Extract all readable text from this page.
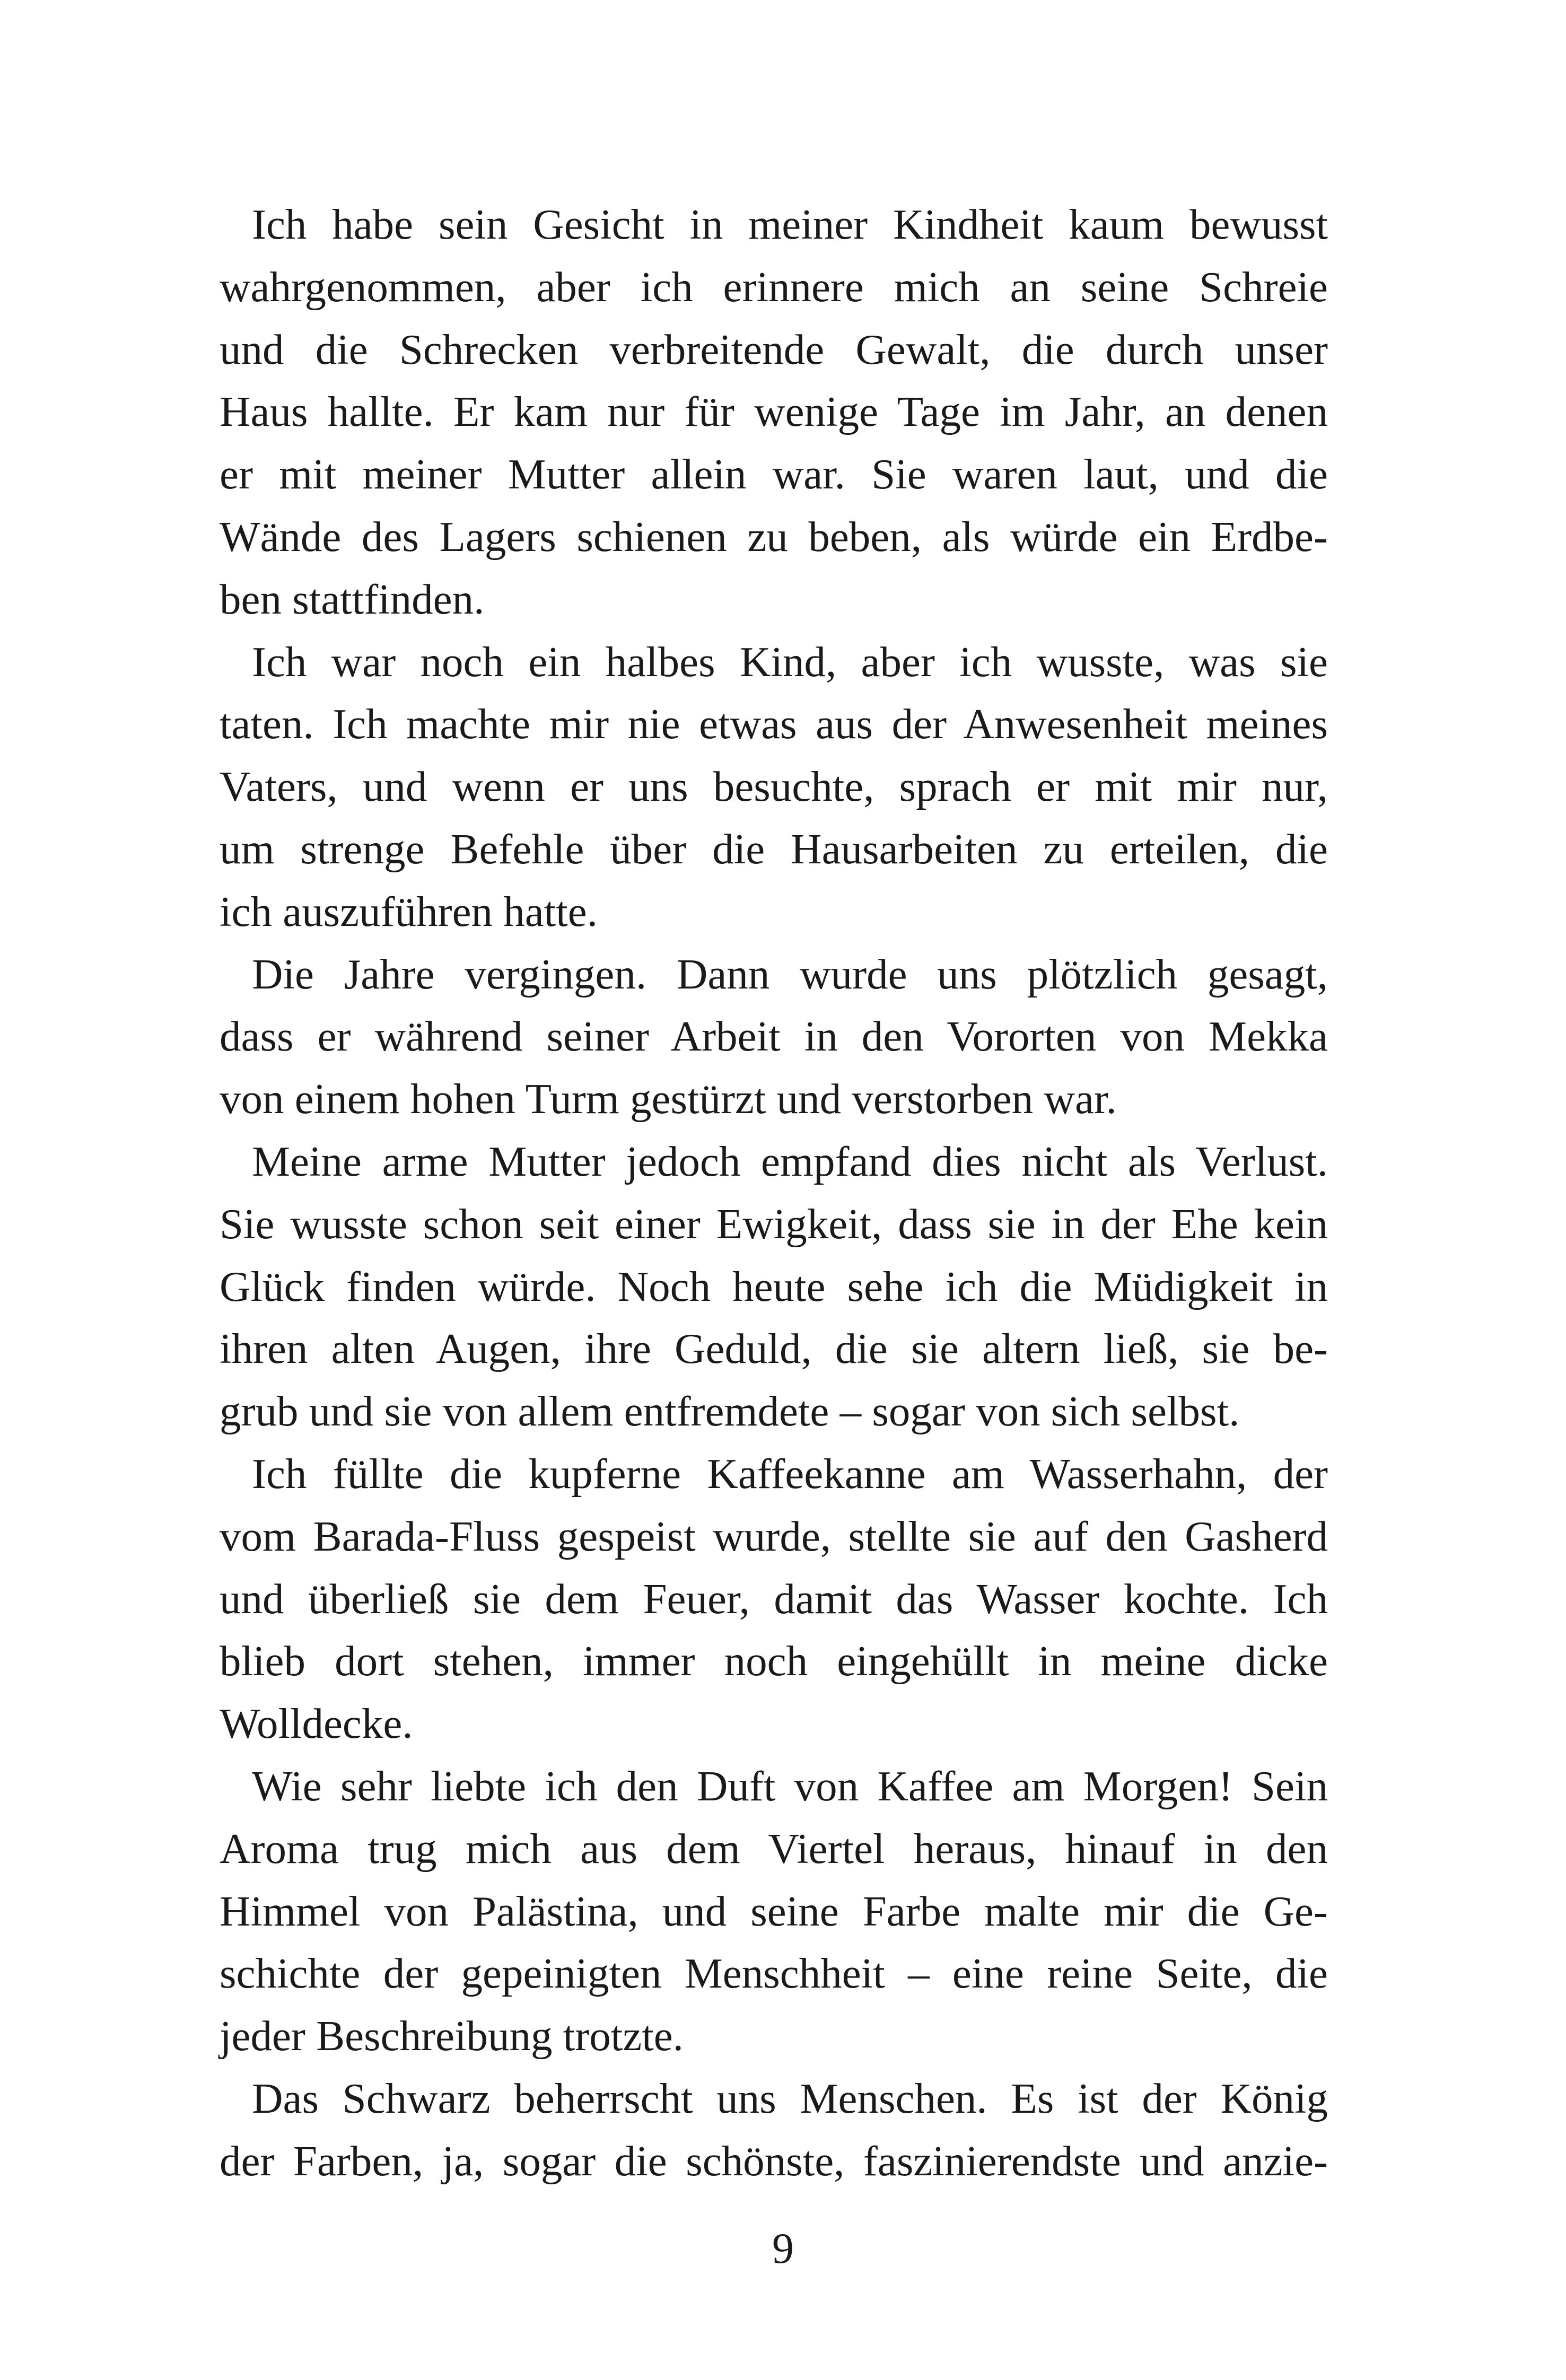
Ich habe sein Gesicht in meiner Kindheit kaum bewusst
wahrgenommen, aber ich erinnere mich an seine Schreie
und die Schrecken verbreitende Gewalt, die durch unser
Haus hallte. Er kam nur für wenige Tage im Jahr, an denen
er mit meiner Mutter allein war. Sie waren laut, und die
Wände des Lagers schienen zu beben, als würde ein Erdbe-
ben stattfinden.

Ich war noch ein halbes Kind, aber ich wusste, was sie
taten. Ich machte mir nie etwas aus der Anwesenheit meines
Vaters, und wenn er uns besuchte, sprach er mit mir nur,
um strenge Befehle über die Hausarbeiten zu erteilen, die
ich auszuführen hatte.

Die Jahre vergingen. Dann wurde uns plötzlich gesagt,
dass er während seiner Arbeit in den Vororten von Mekka
von einem hohen Turm gestürzt und verstorben war.

Meine arme Mutter jedoch empfand dies nicht als Verlust.
Sie wusste schon seit einer Ewigkeit, dass sie in der Ehe kein
Glück finden würde. Noch heute sehe ich die Müdigkeit in
ihren alten Augen, ihre Geduld, die sie altern ließ, sie be-
grub und sie von allem entfremdete – sogar von sich selbst.

Ich füllte die kupferne Kaffeekanne am Wasserhahn, der
vom Barada-Fluss gespeist wurde, stellte sie auf den Gasherd
und überließ sie dem Feuer, damit das Wasser kochte. Ich
blieb dort stehen, immer noch eingehüllt in meine dicke
Wolldecke.

Wie sehr liebte ich den Duft von Kaffee am Morgen! Sein
Aroma trug mich aus dem Viertel heraus, hinauf in den
Himmel von Palästina, und seine Farbe malte mir die Ge-
schichte der gepeinigten Menschheit – eine reine Seite, die
jeder Beschreibung trotzte.

Das Schwarz beherrscht uns Menschen. Es ist der König
der Farben, ja, sogar die schönste, faszinierendste und anzie-

9
